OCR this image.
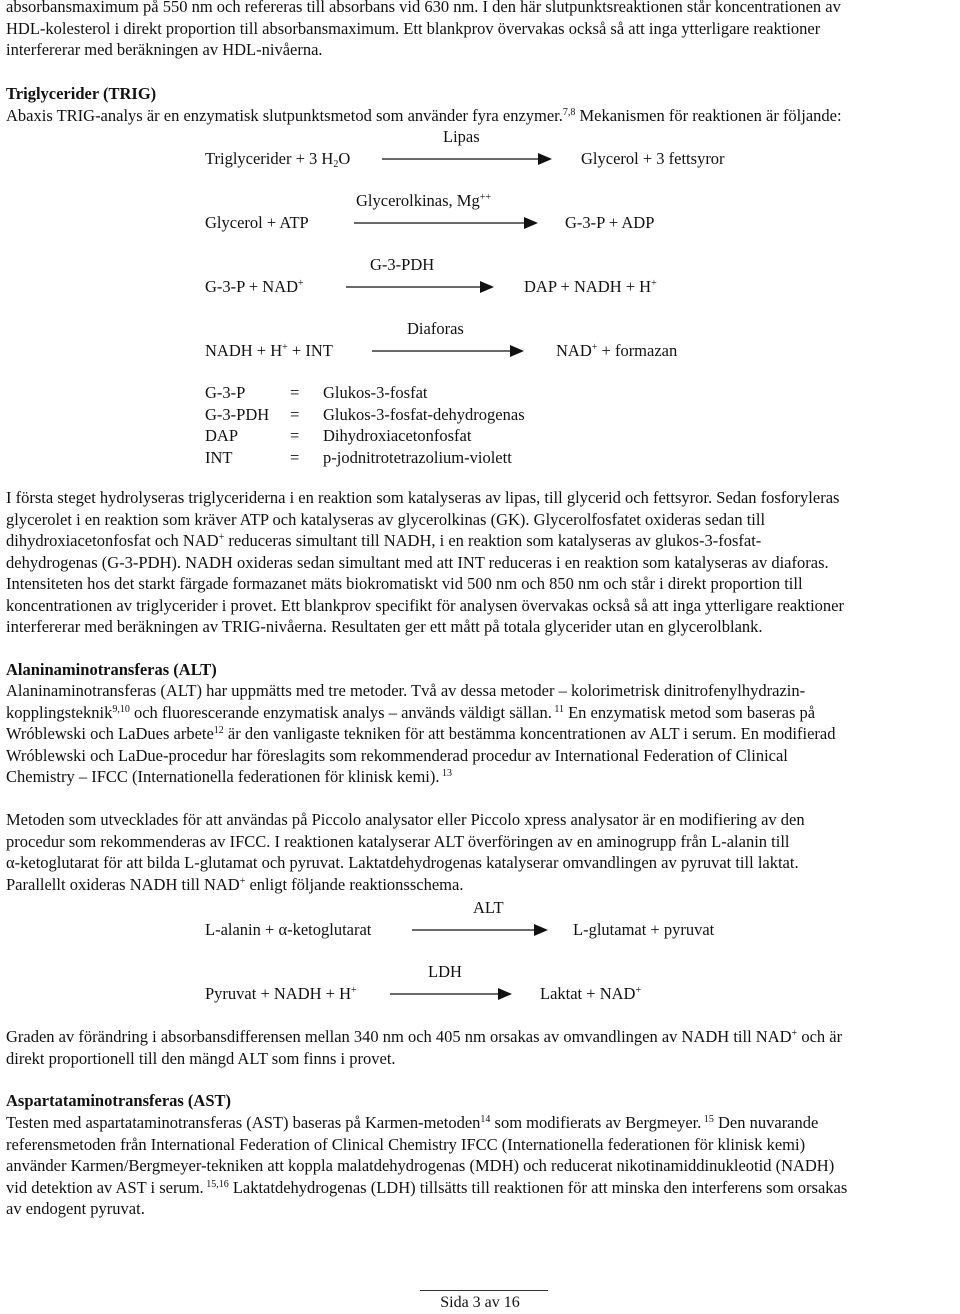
absorbansmaximum på 550 nm och refereras till absorbans vid 630 nm. I den här slutpunktsreaktionen står koncentrationen av
HDL-kolesterol i direkt proportion till absorbansmaximum. Ett blankprov övervakas också så att inga ytterligare reaktioner
interfererar med beräkningen av HDL-nivåerna.
Triglycerider (TRIG)
Abaxis TRIG-analys är en enzymatisk slutpunktsmetod som använder fyra enzymer.$^{7,8}$ Mekanismen för reaktionen är följande:
Lipas
Triglycerider + 3 $H_2O$	Glycerol + 3 fettsyror
Glycerolkinas, Mg++
Glycerol + ATP	G-3-P + ADP
G-3-PDH
G-3-P + NAD+	DAP + NADH + H+
Diaforas
NADH + H+ + INT	NAD+ + formazan
G-3-P	= Glukos-3-fosfat
G-3-PDH = Glukos-3-fosfat-dehydrogenas
DAP	= Dihydroxiacetonfosfat
INT	= p-jodnitrotetrazolium-violett
I första steget hydrolyseras triglyceriderna i en reaktion som katalyseras av lipas, till glycerid och fettsyror. Sedan fosforyleras
glycerolet i en reaktion som kräver ATP och katalyseras av glycerolkinas (GK). Glycerolfosfatet oxideras sedan till
dihydroxiacetonfosfat och NAD+ reduceras simultant till NADH, i en reaktion som katalyseras av glukos-3-fosfat-
dehydrogenas (G-3-PDH). NADH oxideras sedan simultant med att INT reduceras i en reaktion som katalyseras av diaforas.
Intensiteten hos det starkt färgade formazanet mäts biokromatiskt vid 500 nm och 850 nm och står i direkt proportion till
koncentrationen av triglycerider i provet. Ett blankprov specifikt för analysen övervakas också så att inga ytterligare reaktioner
interfererar med beräkningen av TRIG-nivåerna. Resultaten ger ett mått på totala glycerider utan en glycerolblank.
Alaninaminotransferas (ALT)
Alaninaminotransferas (ALT) har uppmätts med tre metoder. Två av dessa metoder – kolorimetrisk dinitrofenylhydrazin-
kopplingsteknik$^{9,10}$ och fluorescerande enzymatisk analys – används väldigt sällan. $^{11}$ En enzymatisk metod som baseras på
Wróblewski och LaDues arbete$^{12}$ är den vanligaste tekniken för att bestämma koncentrationen av ALT i serum. En modifierad
Wróblewski och LaDue-procedur har föreslagits som rekommenderad procedur av International Federation of Clinical
Chemistry – IFCC (Internationella federationen för klinisk kemi). $^{13}$
Metoden som utvecklades för att användas på Piccolo analysator eller Piccolo xpress analysator är en modifiering av den
procedur som rekommenderas av IFCC. I reaktionen katalyserar ALT överföringen av en aminogrupp från L-alanin till
α-ketoglutarat för att bilda L-glutamat och pyruvat. Laktatdehydrogenas katalyserar omvandlingen av pyruvat till laktat.
Parallellt oxideras NADH till NAD+ enligt följande reaktionsschema.
ALT
L-alanin + α-ketoglutarat	L-glutamat + pyruvat
LDH
Pyruvat + NADH + H+	Laktat + NAD+
Graden av förändring i absorbansdifferensen mellan 340 nm och 405 nm orsakas av omvandlingen av NADH till NAD+ och är
direkt proportionell till den mängd ALT som finns i provet.
Aspartataminotransferas (AST)
Testen med aspartataminotransferas (AST) baseras på Karmen-metoden$^{14}$ som modifierats av Bergmeyer. $^{15}$ Den nuvarande
referensmetoden från International Federation of Clinical Chemistry IFCC (Internationella federationen för klinisk kemi)
använder Karmen/Bergmeyer-tekniken att koppla malatdehydrogenas (MDH) och reducerat nikotinamiddinukleotid (NADH)
vid detektion av AST i serum. $^{15,16}$ Laktatdehydrogenas (LDH) tillsätts till reaktionen för att minska den interferens som orsakas
av endogent pyruvat.
Sida 3 av 16
